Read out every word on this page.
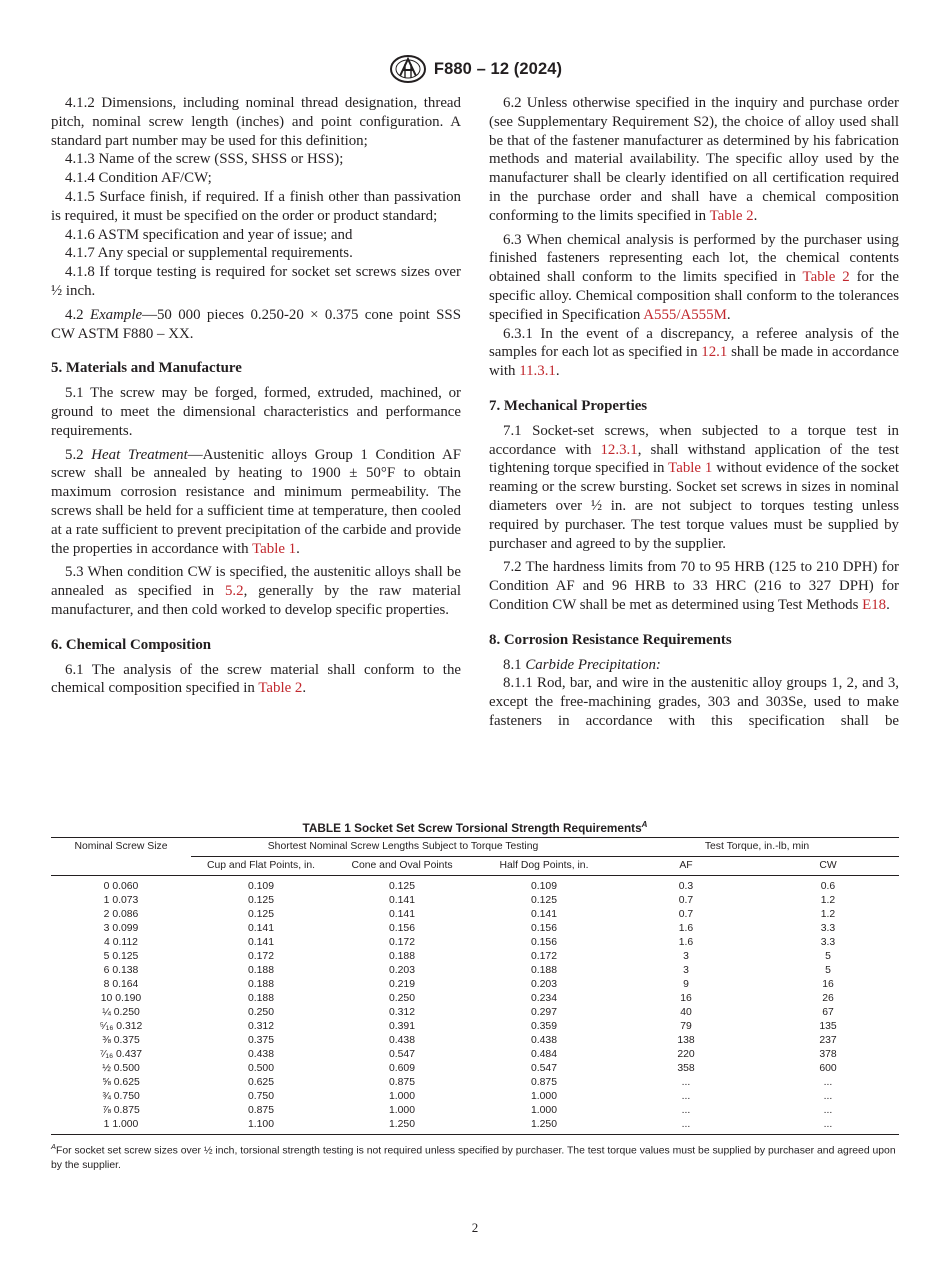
F880 – 12 (2024)

4.1.2 Dimensions, including nominal thread designation, thread pitch, nominal screw length (inches) and point configuration. A standard part number may be used for this definition;

4.1.3 Name of the screw (SSS, SHSS or HSS);

4.1.4 Condition AF/CW;

4.1.5 Surface finish, if required. If a finish other than passivation is required, it must be specified on the order or product standard;

4.1.6 ASTM specification and year of issue; and

4.1.7 Any special or supplemental requirements.

4.1.8 If torque testing is required for socket set screws sizes over ½ inch.

4.2 Example—50 000 pieces 0.250-20 × 0.375 cone point SSS CW ASTM F880 – XX.

5. Materials and Manufacture

5.1 The screw may be forged, formed, extruded, machined, or ground to meet the dimensional characteristics and performance requirements.

5.2 Heat Treatment—Austenitic alloys Group 1 Condition AF screw shall be annealed by heating to 1900 ± 50°F to obtain maximum corrosion resistance and minimum permeability. The screws shall be held for a sufficient time at temperature, then cooled at a rate sufficient to prevent precipitation of the carbide and provide the properties in accordance with Table 1.

5.3 When condition CW is specified, the austenitic alloys shall be annealed as specified in 5.2, generally by the raw material manufacturer, and then cold worked to develop specific properties.

6. Chemical Composition

6.1 The analysis of the screw material shall conform to the chemical composition specified in Table 2.

6.2 Unless otherwise specified in the inquiry and purchase order (see Supplementary Requirement S2), the choice of alloy used shall be that of the fastener manufacturer as determined by his fabrication methods and material availability. The specific alloy used by the manufacturer shall be clearly identified on all certification required in the purchase order and shall have a chemical composition conforming to the limits specified in Table 2.

6.3 When chemical analysis is performed by the purchaser using finished fasteners representing each lot, the chemical contents obtained shall conform to the limits specified in Table 2 for the specific alloy. Chemical composition shall conform to the tolerances specified in Specification A555/A555M.

6.3.1 In the event of a discrepancy, a referee analysis of the samples for each lot as specified in 12.1 shall be made in accordance with 11.3.1.

7. Mechanical Properties

7.1 Socket-set screws, when subjected to a torque test in accordance with 12.3.1, shall withstand application of the test tightening torque specified in Table 1 without evidence of the socket reaming or the screw bursting. Socket set screws in sizes in nominal diameters over ½ in. are not subject to torques testing unless required by purchaser. The test torque values must be supplied by purchaser and agreed to by the supplier.

7.2 The hardness limits from 70 to 95 HRB (125 to 210 DPH) for Condition AF and 96 HRB to 33 HRC (216 to 327 DPH) for Condition CW shall be met as determined using Test Methods E18.

8. Corrosion Resistance Requirements

8.1 Carbide Precipitation:

8.1.1 Rod, bar, and wire in the austenitic alloy groups 1, 2, and 3, except the free-machining grades, 303 and 303Se, used to make fasteners in accordance with this specification shall be

TABLE 1 Socket Set Screw Torsional Strength Requirements$^A$
Nominal Screw Size	Shortest Nominal Screw Lengths Subject to Torque Testing			Test Torque, in.-lb, min	
	Cup and Flat Points, in.	Cone and Oval Points	Half Dog Points, in.	AF	CW
0 0.060	0.109	0.125	0.109	0.3	0.6
1 0.073	0.125	0.141	0.125	0.7	1.2
2 0.086	0.125	0.141	0.141	0.7	1.2
3 0.099	0.141	0.156	0.156	1.6	3.3
4 0.112	0.141	0.172	0.156	1.6	3.3
5 0.125	0.172	0.188	0.172	3	5
6 0.138	0.188	0.203	0.188	3	5
8 0.164	0.188	0.219	0.203	9	16
10 0.190	0.188	0.250	0.234	16	26
¼ 0.250	0.250	0.312	0.297	40	67
⁵⁄₁₆ 0.312	0.312	0.391	0.359	79	135
⅜ 0.375	0.375	0.438	0.438	138	237
⁷⁄₁₆ 0.437	0.438	0.547	0.484	220	378
½ 0.500	0.500	0.609	0.547	358	600
⅝ 0.625	0.625	0.875	0.875	...	...
¾ 0.750	0.750	1.000	1.000	...	...
⅞ 0.875	0.875	1.000	1.000	...	...
1 1.000	1.100	1.250	1.250	...	...
$^A$For socket set screw sizes over ½ inch, torsional strength testing is not required unless specified by purchaser. The test torque values must be supplied by purchaser and agreed upon by the supplier.
2
